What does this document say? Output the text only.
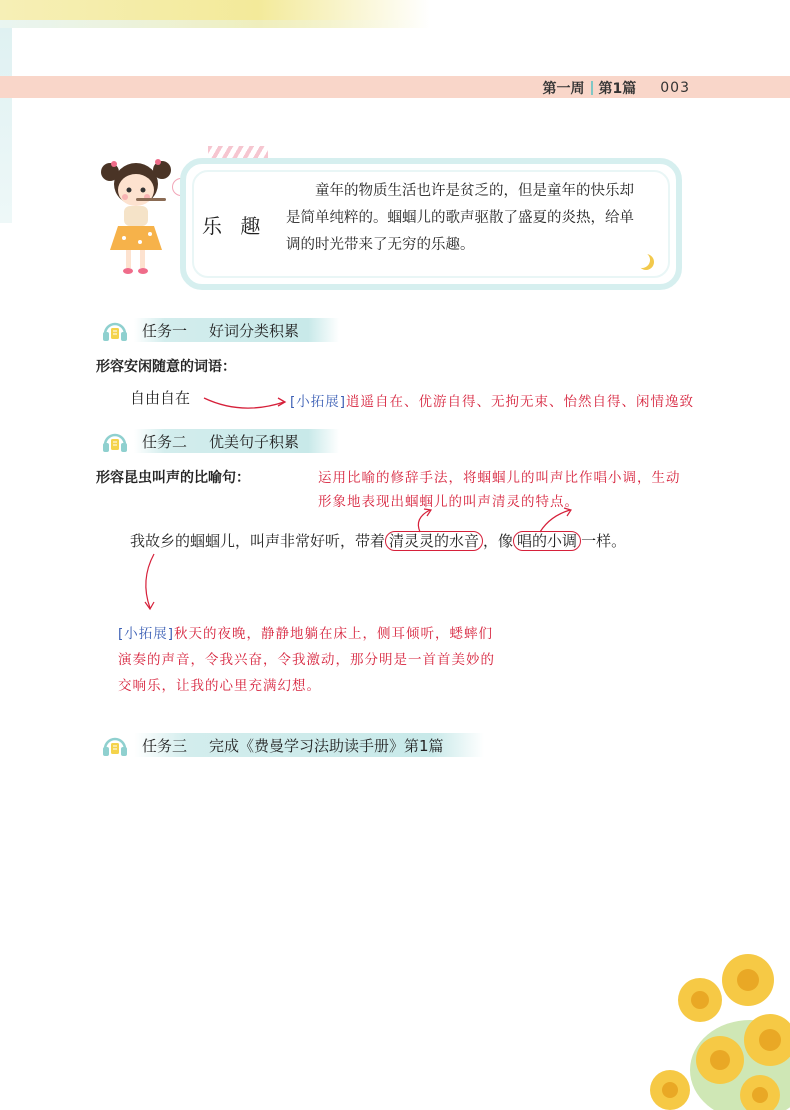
第一周 第1篇 003
乐 趣
童年的物质生活也许是贫乏的，但是童年的快乐却是简单纯粹的。蝈蝈儿的歌声驱散了盛夏的炎热，给单调的时光带来了无穷的乐趣。
任务一 好词分类积累
形容安闲随意的词语：
自由自在	[小拓展]逍遥自在、优游自得、无拘无束、怡然自得、闲情逸致
任务二 优美句子积累
形容昆虫叫声的比喻句：	运用比喻的修辞手法，将蝈蝈儿的叫声比作唱小调，生动
形象地表现出蝈蝈儿的叫声清灵的特点。
我故乡的蝈蝈儿，叫声非常好听，带着 清灵灵的水音 ，像 唱的小调 一样。
[小拓展]秋天的夜晚，静静地躺在床上，侧耳倾听，蟋蟀们
演奏的声音，令我兴奋，令我激动，那分明是一首首美妙的
交响乐，让我的心里充满幻想。
任务三 完成《费曼学习法助读手册》第1篇
